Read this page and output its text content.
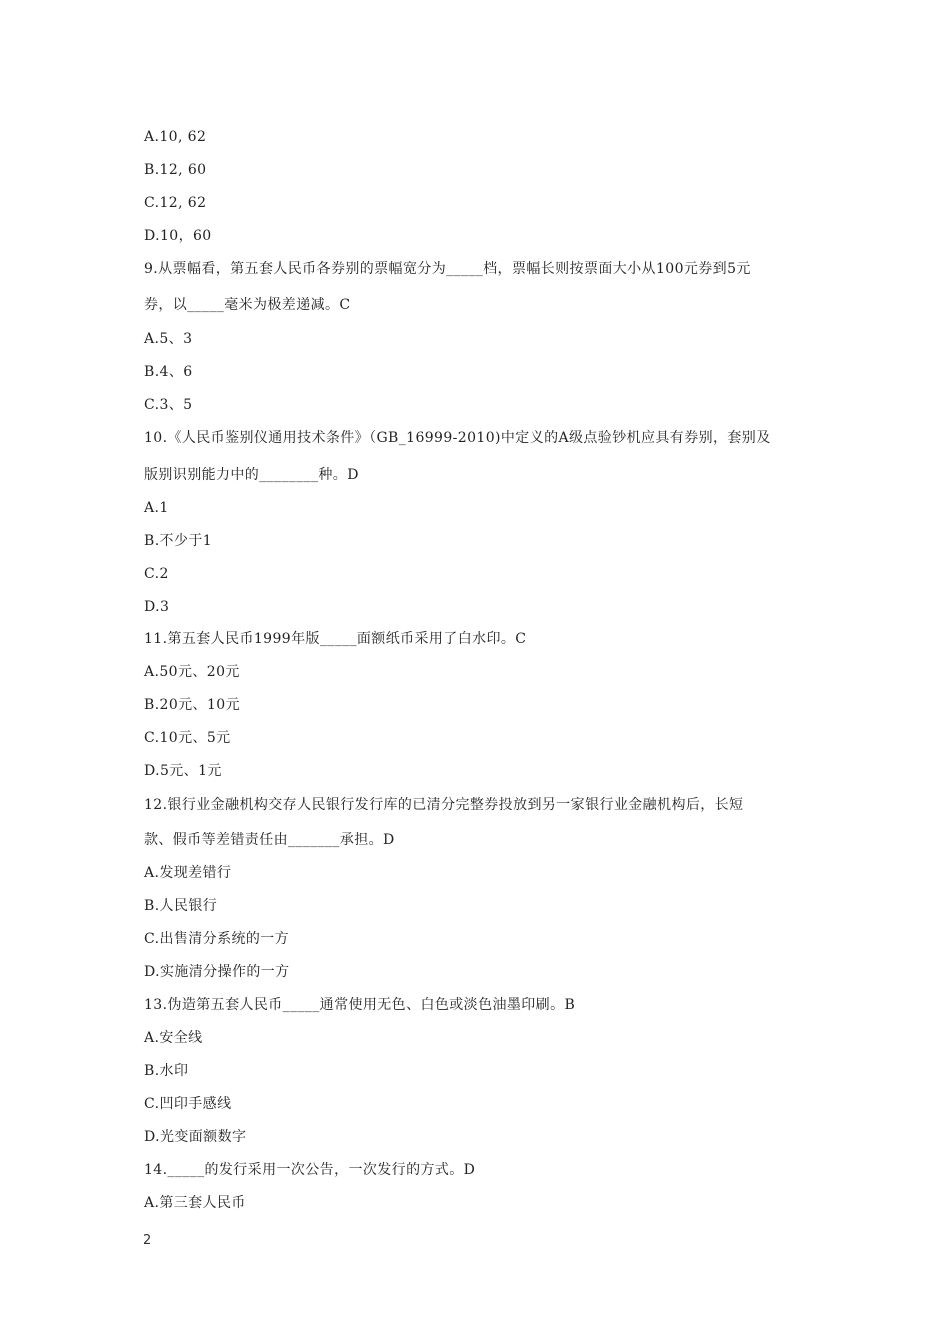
A.10, 62
B.12, 60
C.12, 62
D.10，60
9.从票幅看，第五套人民币各券别的票幅宽分为_____档，票幅长则按票面大小从100元券到5元
券，以_____毫米为极差递减。C
A.5、3
B.4、6
C.3、5
10.《人民币鉴别仪通用技术条件》（GB_16999-2010)中定义的A级点验钞机应具有券别，套别及
版别识别能力中的________种。D
A.1
B.不少于1
C.2
D.3
11.第五套人民币1999年版_____面额纸币采用了白水印。C
A.50元、20元
B.20元、10元
C.10元、5元
D.5元、1元
12.银行业金融机构交存人民银行发行库的已清分完整券投放到另一家银行业金融机构后，长短
款、假币等差错责任由_______承担。D
A.发现差错行
B.人民银行
C.出售清分系统的一方
D.实施清分操作的一方
13.伪造第五套人民币_____通常使用无色、白色或淡色油墨印刷。B
A.安全线
B.水印
C.凹印手感线
D.光变面额数字
14._____的发行采用一次公告，一次发行的方式。D
A.第三套人民币
2
